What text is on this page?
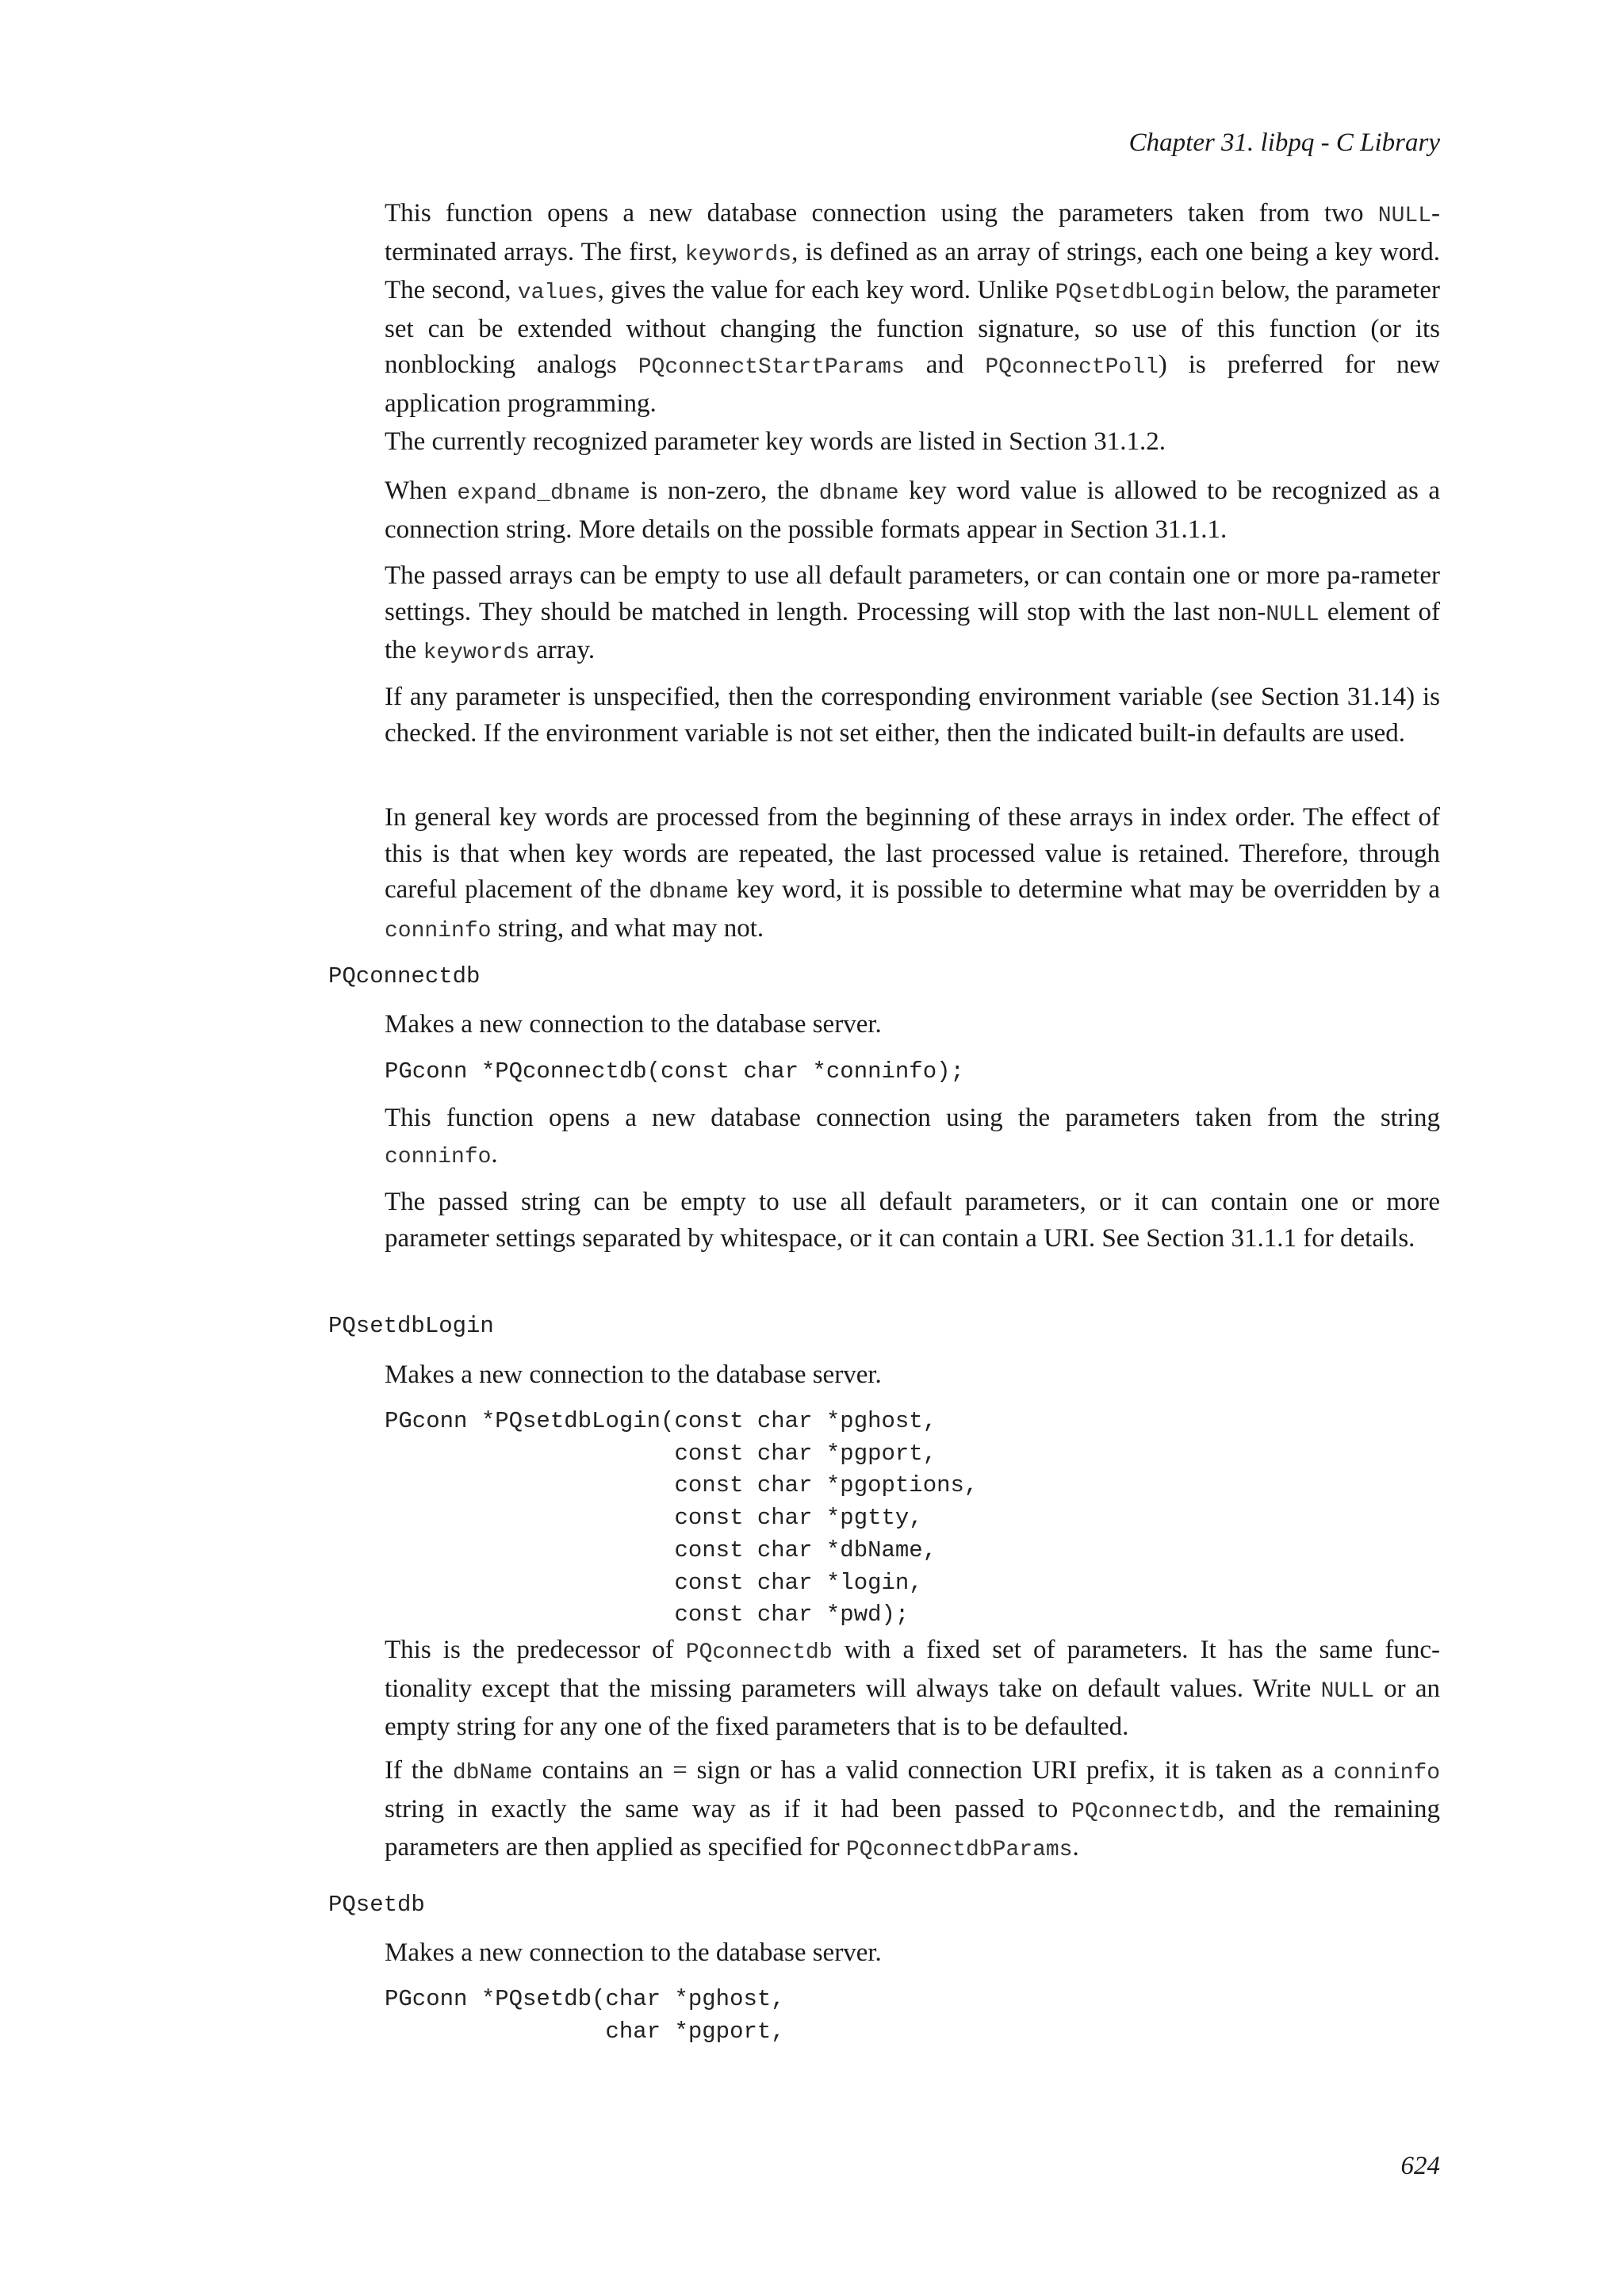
Chapter 31. libpq - C Library

This function opens a new database connection using the parameters taken from two NULL-terminated arrays. The first, keywords, is defined as an array of strings, each one being a key word. The second, values, gives the value for each key word. Unlike PQsetdbLogin below, the parameter set can be extended without changing the function signature, so use of this function (or its nonblocking analogs PQconnectStartParams and PQconnectPoll) is preferred for new application programming.

The currently recognized parameter key words are listed in Section 31.1.2.

When expand_dbname is non-zero, the dbname key word value is allowed to be recognized as a connection string. More details on the possible formats appear in Section 31.1.1.

The passed arrays can be empty to use all default parameters, or can contain one or more pa-rameter settings. They should be matched in length. Processing will stop with the last non-NULL element of the keywords array.

If any parameter is unspecified, then the corresponding environment variable (see Section 31.14) is checked. If the environment variable is not set either, then the indicated built-in defaults are used.

In general key words are processed from the beginning of these arrays in index order. The effect of this is that when key words are repeated, the last processed value is retained. Therefore, through careful placement of the dbname key word, it is possible to determine what may be overridden by a conninfo string, and what may not.

PQconnectdb

Makes a new connection to the database server.

PGconn *PQconnectdb(const char *conninfo);

This function opens a new database connection using the parameters taken from the string conninfo.

The passed string can be empty to use all default parameters, or it can contain one or more parameter settings separated by whitespace, or it can contain a URI. See Section 31.1.1 for details.

PQsetdbLogin

Makes a new connection to the database server.

PGconn *PQsetdbLogin(const char *pghost,
const char *pgport,
const char *pgoptions,
const char *pgtty,
const char *dbName,
const char *login,
const char *pwd);

This is the predecessor of PQconnectdb with a fixed set of parameters. It has the same func-tionality except that the missing parameters will always take on default values. Write NULL or an empty string for any one of the fixed parameters that is to be defaulted.

If the dbName contains an = sign or has a valid connection URI prefix, it is taken as a conninfo string in exactly the same way as if it had been passed to PQconnectdb, and the remaining parameters are then applied as specified for PQconnectdbParams.

PQsetdb

Makes a new connection to the database server.

PGconn *PQsetdb(char *pghost,
char *pgport,
624
